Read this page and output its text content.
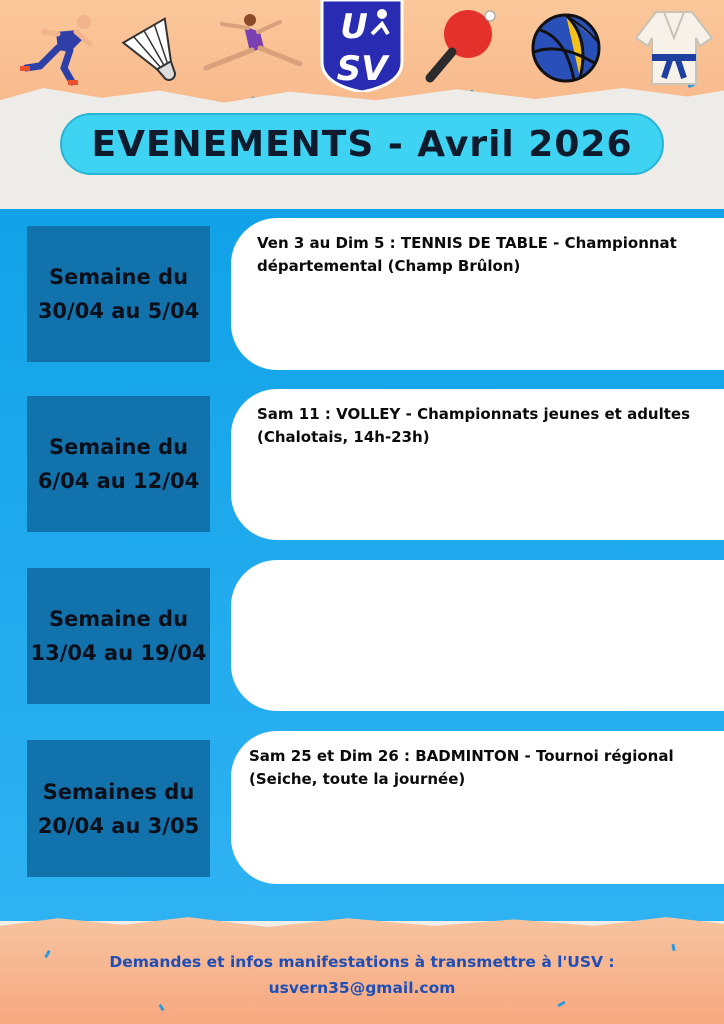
U
SV
EVENEMENTS - Avril 2026
Semaine du
30/04 au 5/04
Ven 3 au Dim 5 : TENNIS DE TABLE - Championnat
départemental (Champ Brûlon)
Semaine du
6/04 au 12/04
Sam 11 : VOLLEY - Championnats jeunes et adultes
(Chalotais, 14h-23h)
Semaine du
13/04 au 19/04
Semaines du
20/04 au 3/05
Sam 25 et Dim 26 : BADMINTON - Tournoi régional
(Seiche, toute la journée)
Demandes et infos manifestations à transmettre à l'USV :
usvern35@gmail.com
